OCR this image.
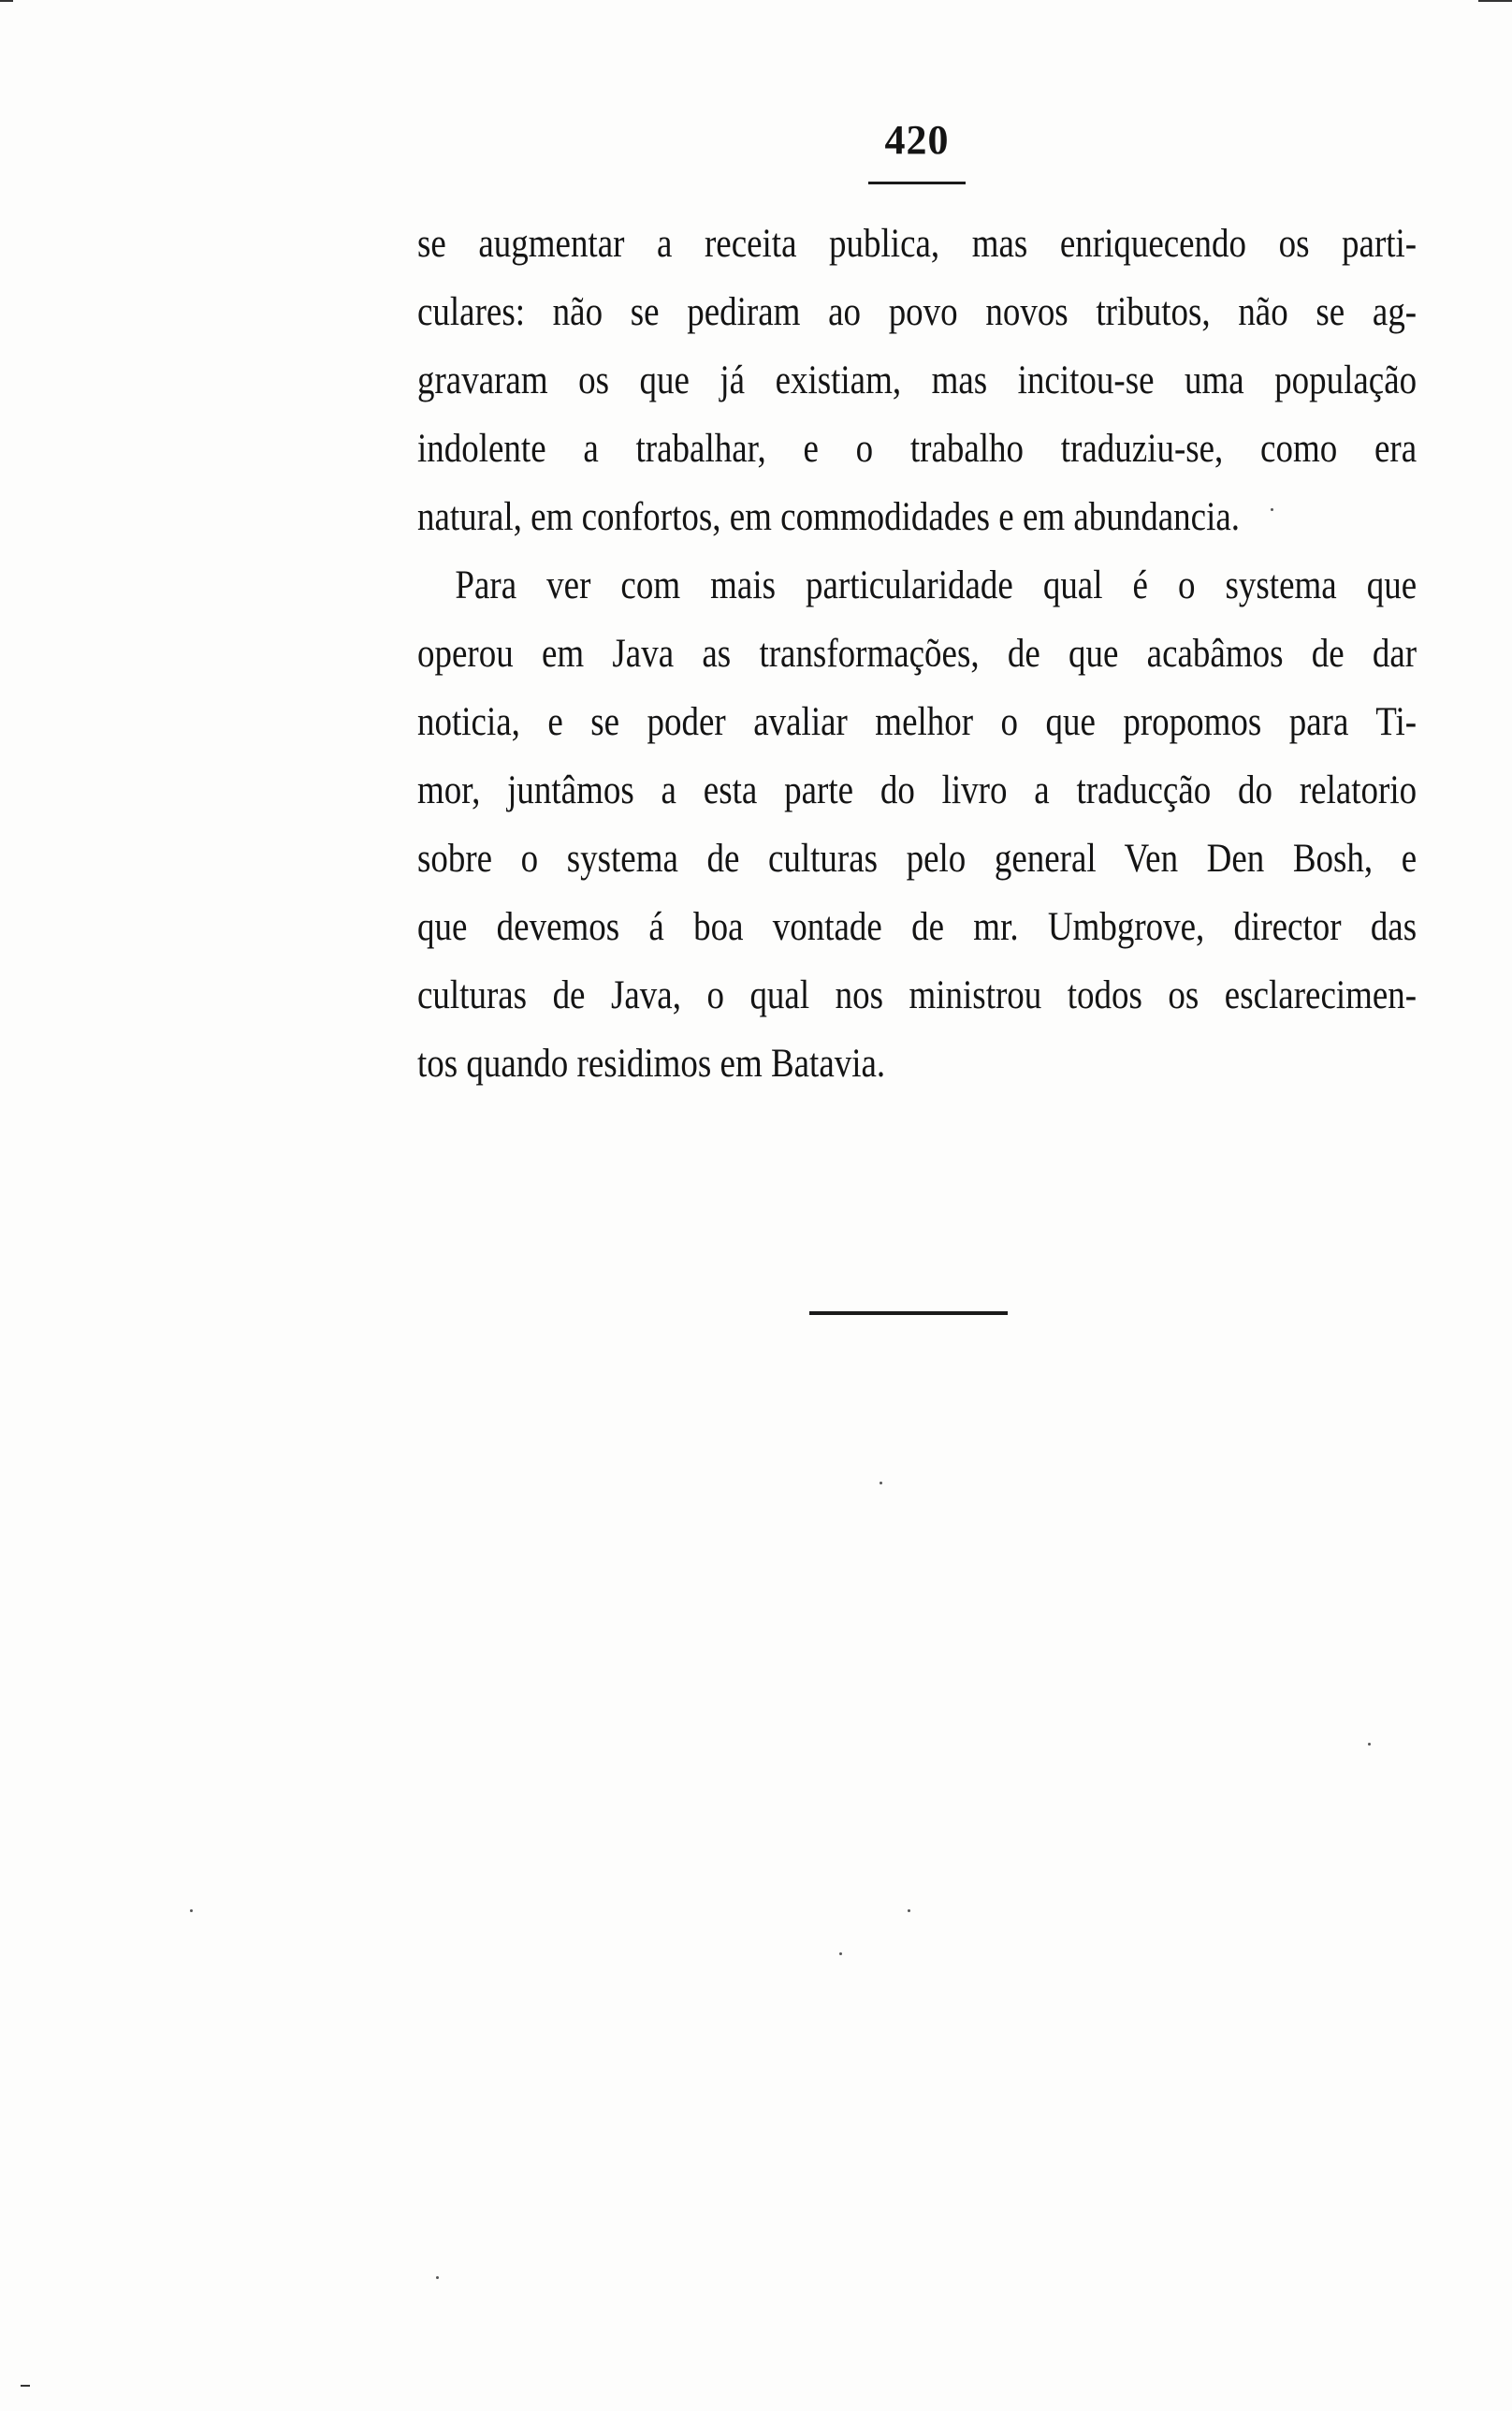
420
se augmentar a receita publica, mas enriquecendo os parti-
culares: não se pediram ao povo novos tributos, não se ag-
gravaram os que já existiam, mas incitou-se uma população
indolente a trabalhar, e o trabalho traduziu-se, como era
natural, em confortos, em commodidades e em abundancia.
Para ver com mais particularidade qual é o systema que
operou em Java as transformações, de que acabâmos de dar
noticia, e se poder avaliar melhor o que propomos para Ti-
mor, juntâmos a esta parte do livro a traducção do relatorio
sobre o systema de culturas pelo general Ven Den Bosh, e
que devemos á boa vontade de mr. Umbgrove, director das
culturas de Java, o qual nos ministrou todos os esclarecimen-
tos quando residimos em Batavia.
